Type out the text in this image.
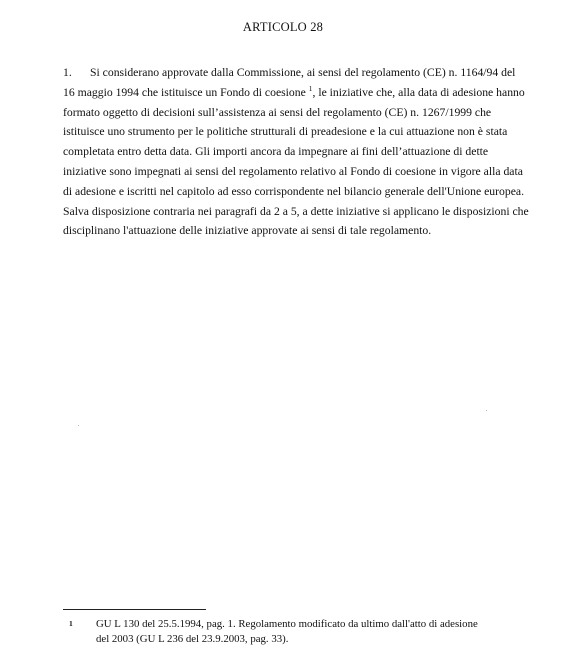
ARTICOLO 28
1. Si considerano approvate dalla Commissione, ai sensi del regolamento (CE) n. 1164/94 del
16 maggio 1994 che istituisce un Fondo di coesione $^1$, le iniziative che, alla data di adesione hanno
formato oggetto di decisioni sull’assistenza ai sensi del regolamento (CE) n. 1267/1999 che
istituisce uno strumento per le politiche strutturali di preadesione e la cui attuazione non è stata
completata entro detta data. Gli importi ancora da impegnare ai fini dell’attuazione di dette
iniziative sono impegnati ai sensi del regolamento relativo al Fondo di coesione in vigore alla data
di adesione e iscritti nel capitolo ad esso corrispondente nel bilancio generale dell'Unione europea.
Salva disposizione contraria nei paragrafi da 2 a 5, a dette iniziative si applicano le disposizioni che
disciplinano l'attuazione delle iniziative approvate ai sensi di tale regolamento.
1 GU L 130 del 25.5.1994, pag. 1. Regolamento modificato da ultimo dall'atto di adesione
del 2003 (GU L 236 del 23.9.2003, pag. 33).
